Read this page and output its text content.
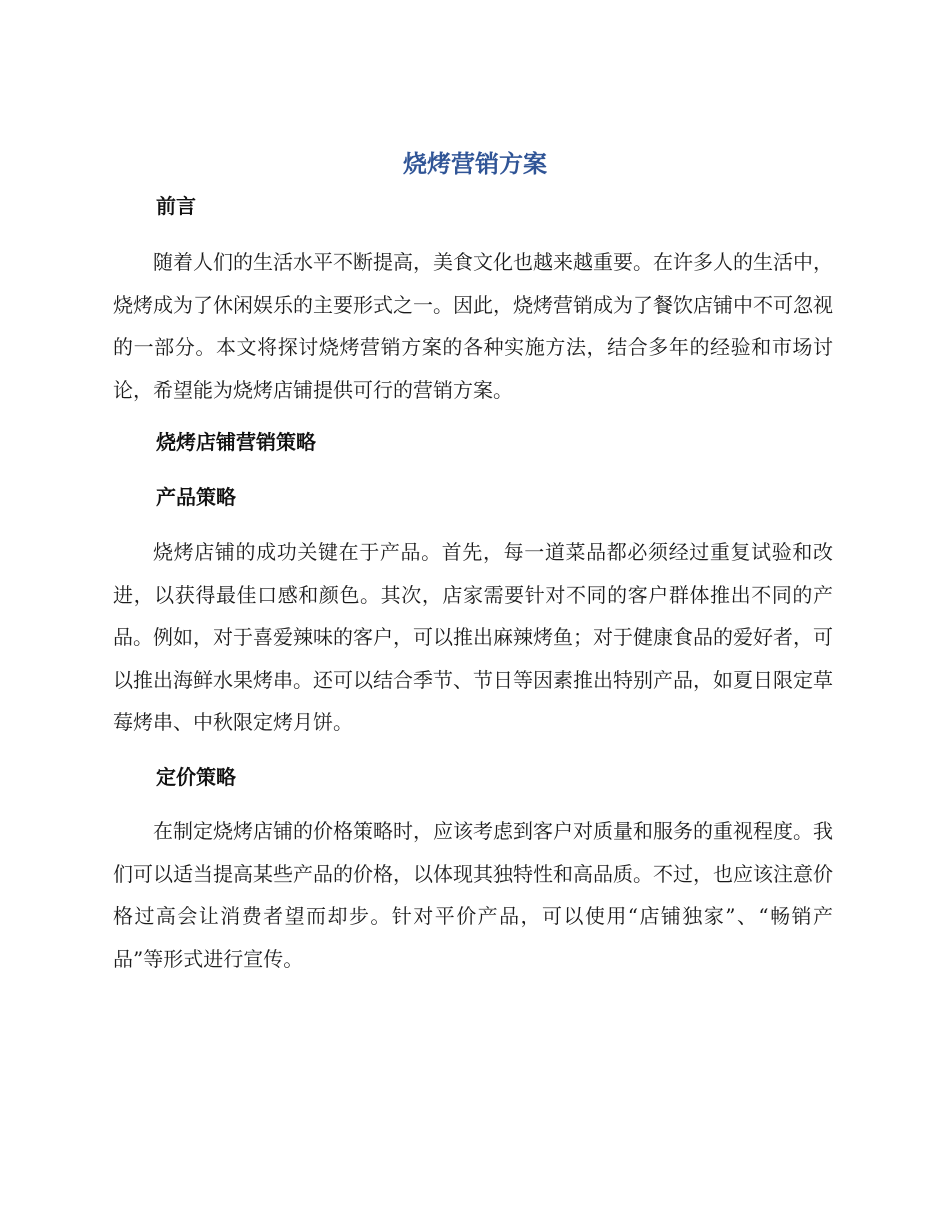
烧烤营销方案
前言

随着人们的生活水平不断提高，美食文化也越来越重要。在许多人的生活中，烧烤成为了休闲娱乐的主要形式之一。因此，烧烤营销成为了餐饮店铺中不可忽视的一部分。本文将探讨烧烤营销方案的各种实施方法，结合多年的经验和市场讨论，希望能为烧烤店铺提供可行的营销方案。

烧烤店铺营销策略
产品策略

烧烤店铺的成功关键在于产品。首先，每一道菜品都必须经过重复试验和改进，以获得最佳口感和颜色。其次，店家需要针对不同的客户群体推出不同的产品。例如，对于喜爱辣味的客户，可以推出麻辣烤鱼；对于健康食品的爱好者，可以推出海鲜水果烤串。还可以结合季节、节日等因素推出特别产品，如夏日限定草莓烤串、中秋限定烤月饼。

定价策略

在制定烧烤店铺的价格策略时，应该考虑到客户对质量和服务的重视程度。我们可以适当提高某些产品的价格，以体现其独特性和高品质。不过，也应该注意价格过高会让消费者望而却步。针对平价产品，可以使用“店铺独家”、“畅销产品”等形式进行宣传。
